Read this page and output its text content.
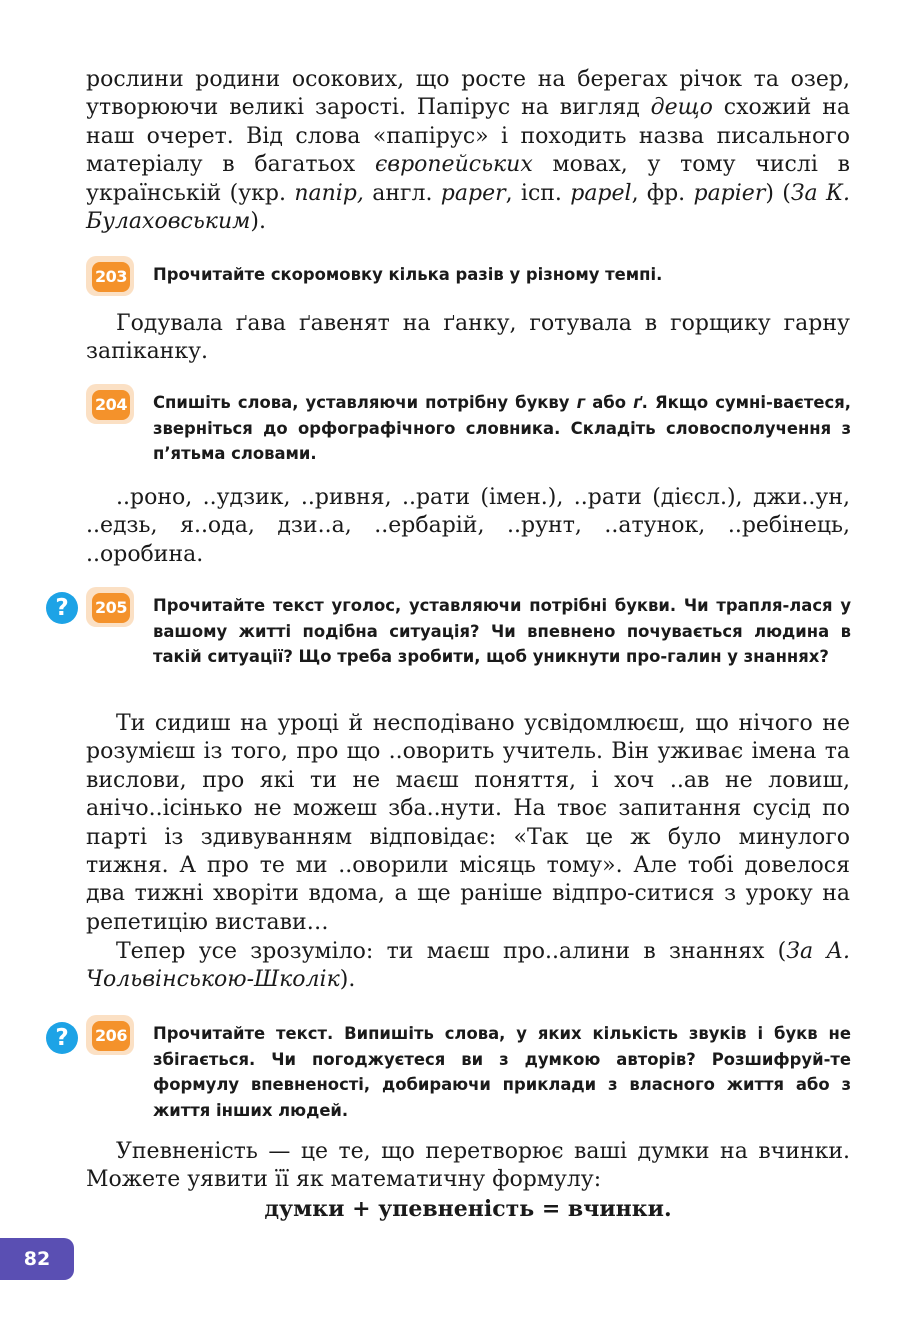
рослини родини осокових, що росте на берегах річок та озер, утворюючи великі зарості. Папірус на вигляд дещо схожий на наш очерет. Від слова «папірус» і походить назва писального матеріалу в багатьох європейських мовах, у тому числі в українській (укр. папір, англ. paper, ісп. papel, фр. papier) (За К. Булаховським).

203 Прочитайте скоромовку кілька разів у різному темпі.

Годувала ґава ґавенят на ґанку, готувала в горщику гарну запіканку.

204 Спишіть слова, уставляючи потрібну букву г або ґ. Якщо сумні-ваєтеся, зверніться до орфографічного словника. Складіть словосполучення з п’ятьма словами.

..роно, ..удзик, ..ривня, ..рати (імен.), ..рати (дієсл.), джи..ун, ..едзь, я..ода, дзи..а, ..ербарій, ..рунт, ..атунок, ..ребінець, ..оробина.

?	205 Прочитайте текст уголос, уставляючи потрібні букви. Чи трапля-лася у вашому житті подібна ситуація? Чи впевнено почувається людина в такій ситуації? Що треба зробити, щоб уникнути про-галин у знаннях?

Ти сидиш на уроці й несподівано усвідомлюєш, що нічого не розумієш із того, про що ..оворить учитель. Він уживає імена та вислови, про які ти не маєш поняття, і хоч ..ав не ловиш, анічо..ісінько не можеш зба..нути. На твоє запитання сусід по парті із здивуванням відповідає: «Так це ж було минулого тижня. А про те ми ..оворили місяць тому». Але тобі довелося два тижні хворіти вдома, а ще раніше відпро-ситися з уроку на репетицію вистави…

Тепер усе зрозуміло: ти маєш про..алини в знаннях (За А. Чольвінською-Школік).

?	206 Прочитайте текст. Випишіть слова, у яких кількість звуків і букв не збігається. Чи погоджуєтеся ви з думкою авторів? Розшифруй-те формулу впевненості, добираючи приклади з власного життя або з життя інших людей.

Упевненість — це те, що перетворює ваші думки на вчинки. Можете уявити її як математичну формулу:

думки + упевненість = вчинки.
82
